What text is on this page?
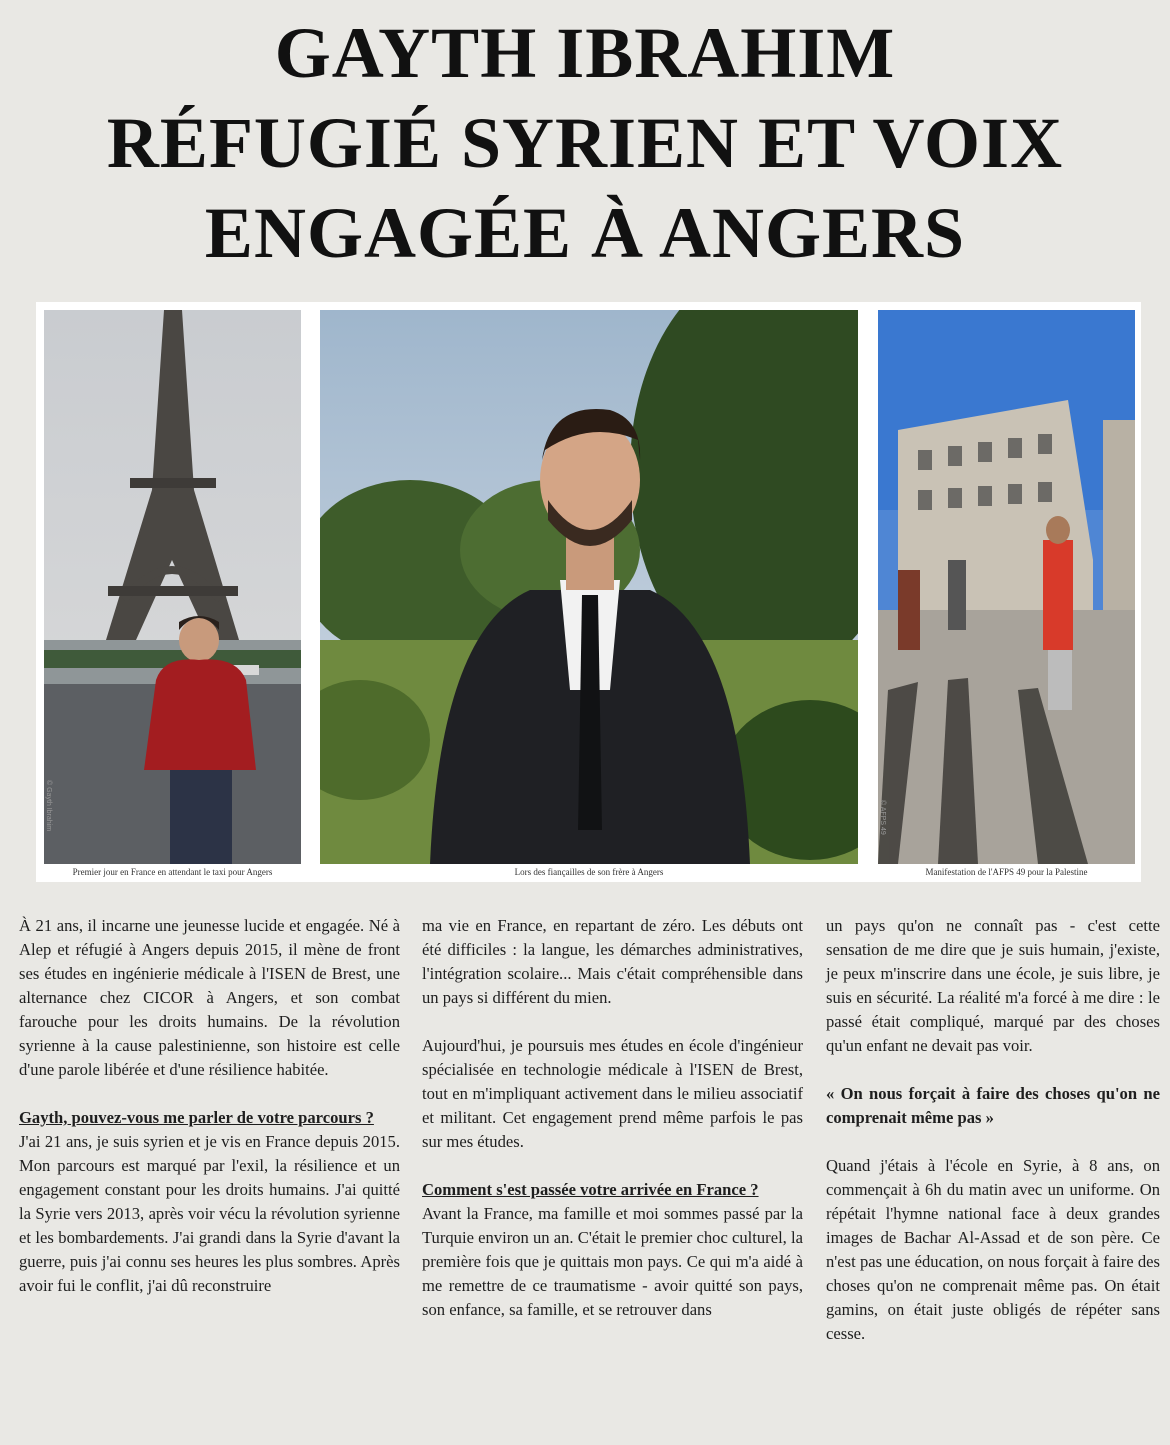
GAYTH IBRAHIM
RÉFUGIÉ SYRIEN ET VOIX
ENGAGÉE À ANGERS
© Gayth Ibrahim	© AFPS 49
Premier jour en France en attendant le taxi pour Angers	Lors des fiançailles de son frère à Angers	Manifestation de l'AFPS 49 pour la Palestine

À 21 ans, il incarne une jeunesse lucide et engagée. Né à Alep et réfugié à Angers depuis 2015, il mène de front ses études en ingénierie médicale à l'ISEN de Brest, une alternance chez CICOR à Angers, et son combat farouche pour les droits humains. De la révolution syrienne à la cause palestinienne, son histoire est celle d'une parole libérée et d'une résilience habitée.

Gayth, pouvez-vous me parler de votre parcours ?

J'ai 21 ans, je suis syrien et je vis en France depuis 2015. Mon parcours est marqué par l'exil, la résilience et un engagement constant pour les droits humains. J'ai quitté la Syrie vers 2013, après voir vécu la révolution syrienne et les bombardements. J'ai grandi dans la Syrie d'avant la guerre, puis j'ai connu ses heures les plus sombres. Après avoir fui le conflit, j'ai dû reconstruire

ma vie en France, en repartant de zéro. Les débuts ont été difficiles : la langue, les démarches administratives, l'intégration scolaire... Mais c'était compréhensible dans un pays si différent du mien.

Aujourd'hui, je poursuis mes études en école d'ingénieur spécialisée en technologie médicale à l'ISEN de Brest, tout en m'impliquant activement dans le milieu associatif et militant. Cet engagement prend même parfois le pas sur mes études.

Comment s'est passée votre arrivée en France ?

Avant la France, ma famille et moi sommes passé par la Turquie environ un an. C'était le premier choc culturel, la première fois que je quittais mon pays. Ce qui m'a aidé à me remettre de ce traumatisme - avoir quitté son pays, son enfance, sa famille, et se retrouver dans

un pays qu'on ne connaît pas - c'est cette sensation de me dire que je suis humain, j'existe, je peux m'inscrire dans une école, je suis libre, je suis en sécurité. La réalité m'a forcé à me dire : le passé était compliqué, marqué par des choses qu'un enfant ne devait pas voir.

« On nous forçait à faire des choses qu'on ne comprenait même pas »

Quand j'étais à l'école en Syrie, à 8 ans, on commençait à 6h du matin avec un uniforme. On répétait l'hymne national face à deux grandes images de Bachar Al-Assad et de son père. Ce n'est pas une éducation, on nous forçait à faire des choses qu'on ne comprenait même pas. On était gamins, on était juste obligés de répéter sans cesse.
